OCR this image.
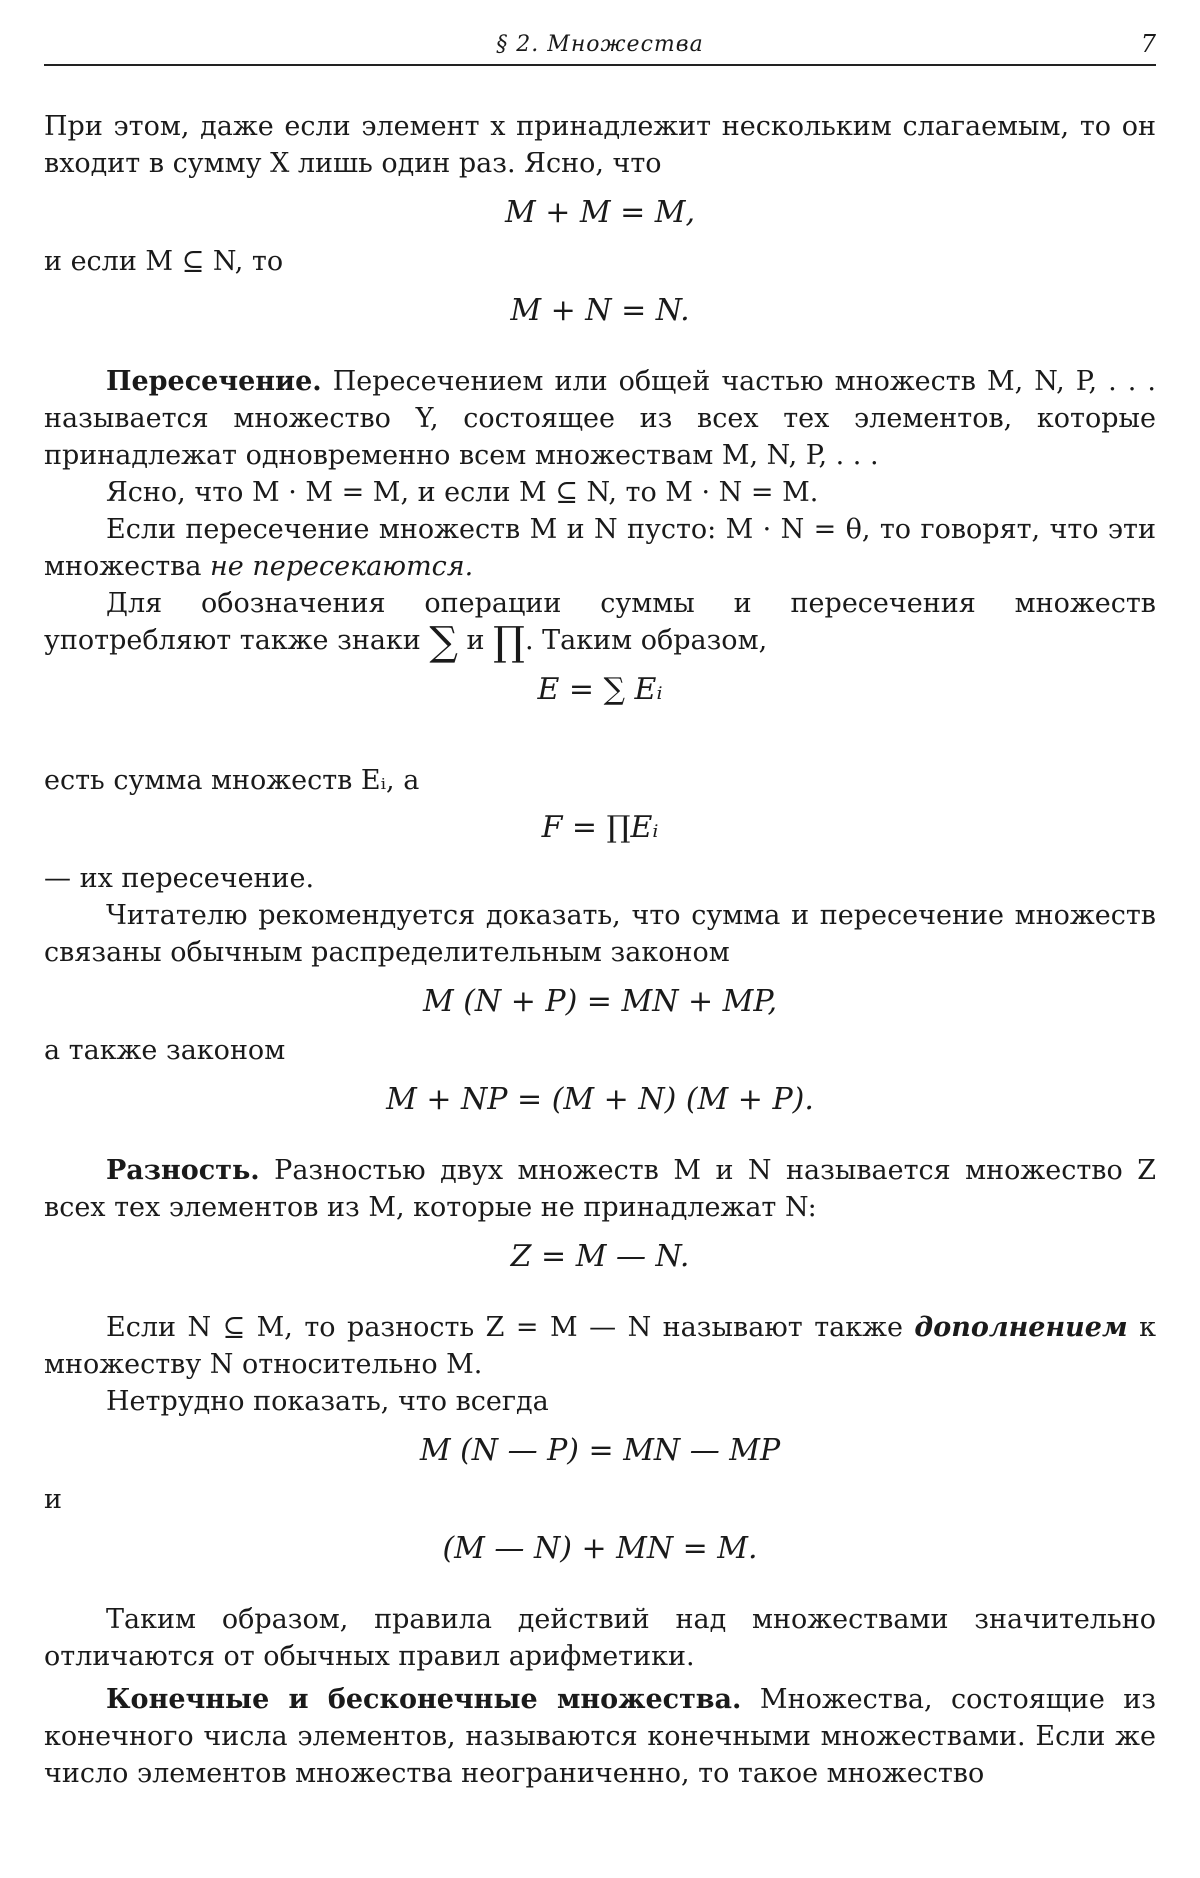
§ 2. Множества	7

При этом, даже если элемент x принадлежит нескольким слагаемым, то он входит в сумму X лишь один раз. Ясно, что

M + M = M,

и если M ⊆ N, то

M + N = N.

Пересечение. Пересечением или общей частью множеств M, N, P, . . . называется множество Y, состоящее из всех тех элементов, которые принадлежат одновременно всем множествам M, N, P, . . .

Ясно, что M · M = M, и если M ⊆ N, то M · N = M.

Если пересечение множеств M и N пусто: M · N = θ, то говорят, что эти множества не пересекаются.

Для обозначения операции суммы и пересечения множеств употребляют также знаки ∑ и ∏. Таким образом,

E = ∑ Eᵢ

есть сумма множеств Eᵢ, а

F = ∏Eᵢ

— их пересечение.

Читателю рекомендуется доказать, что сумма и пересечение множеств связаны обычным распределительным законом

M (N + P) = MN + MP,

а также законом

M + NP = (M + N) (M + P).

Разность. Разностью двух множеств M и N называется множество Z всех тех элементов из M, которые не принадлежат N:

Z = M — N.

Если N ⊆ M, то разность Z = M — N называют также дополнением к множеству N относительно M.

Нетрудно показать, что всегда

M (N — P) = MN — MP

и

(M — N) + MN = M.

Таким образом, правила действий над множествами значительно отличаются от обычных правил арифметики.

Конечные и бесконечные множества. Множества, состоящие из конечного числа элементов, называются конечными множествами. Если же число элементов множества неограниченно, то такое множество
